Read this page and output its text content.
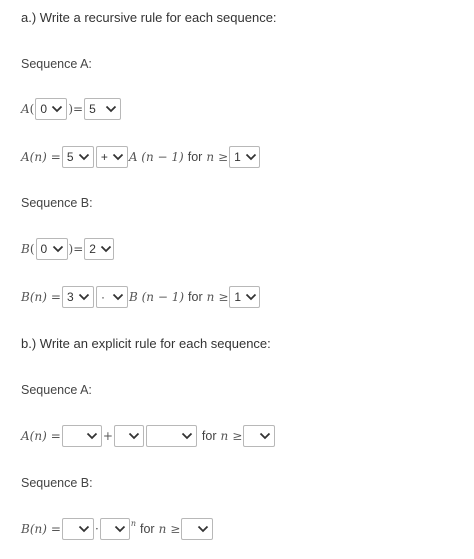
a.) Write a recursive rule for each sequence:
Sequence A:
A ( 0 )= 5
A(n) = 5 + A (n − 1) for n ≥ 1
Sequence B:
B ( 0 )= 2
B(n) = 3 · B (n − 1) for n ≥ 1
b.) Write an explicit rule for each sequence:
Sequence A:
A(n) =	+	for n ≥
Sequence B:
B(n) =	·	n for n ≥
